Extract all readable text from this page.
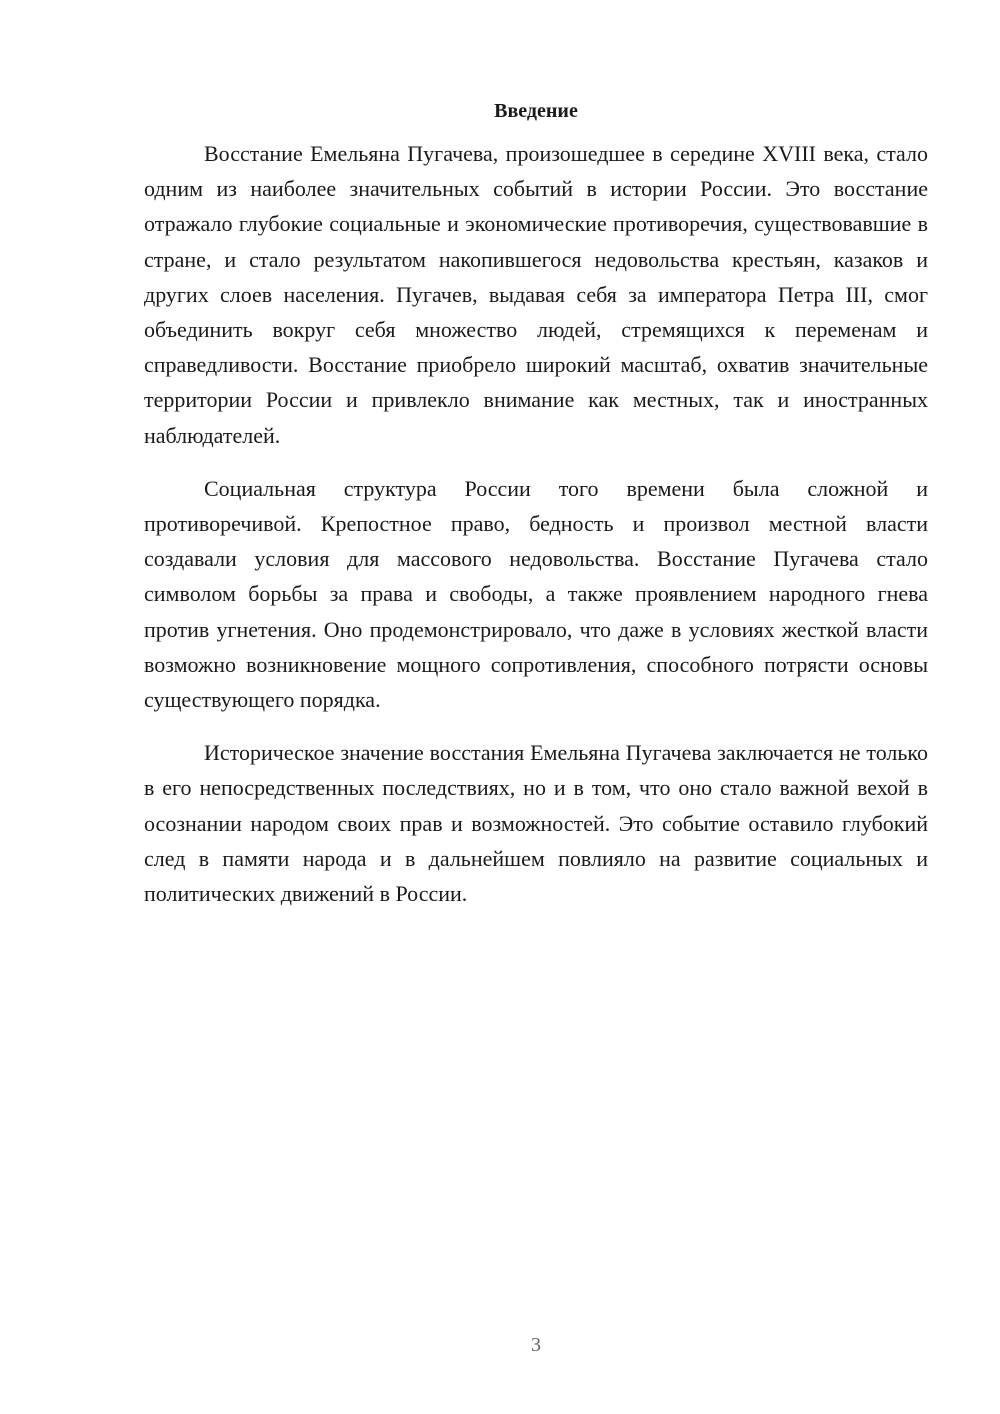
Введение

Восстание Емельяна Пугачева, произошедшее в середине XVIII века, стало одним из наиболее значительных событий в истории России. Это восстание отражало глубокие социальные и экономические противоречия, существовавшие в стране, и стало результатом накопившегося недовольства крестьян, казаков и других слоев населения. Пугачев, выдавая себя за императора Петра III, смог объединить вокруг себя множество людей, стремящихся к переменам и справедливости. Восстание приобрело широкий масштаб, охватив значительные территории России и привлекло внимание как местных, так и иностранных наблюдателей.

Социальная структура России того времени была сложной и противоречивой. Крепостное право, бедность и произвол местной власти создавали условия для массового недовольства. Восстание Пугачева стало символом борьбы за права и свободы, а также проявлением народного гнева против угнетения. Оно продемонстрировало, что даже в условиях жесткой власти возможно возникновение мощного сопротивления, способного потрясти основы существующего порядка.

Историческое значение восстания Емельяна Пугачева заключается не только в его непосредственных последствиях, но и в том, что оно стало важной вехой в осознании народом своих прав и возможностей. Это событие оставило глубокий след в памяти народа и в дальнейшем повлияло на развитие социальных и политических движений в России.

3
